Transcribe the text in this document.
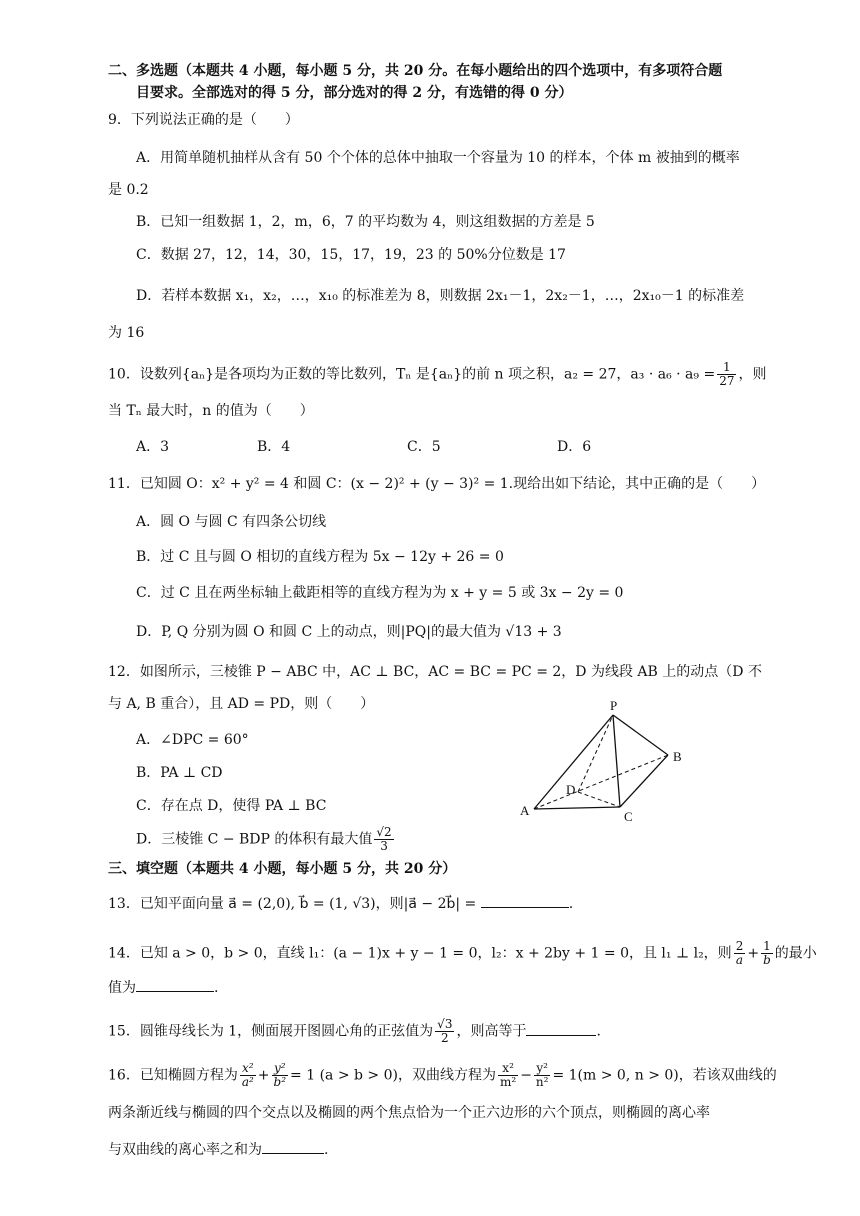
二、多选题（本题共 4 小题，每小题 5 分，共 20 分。在每小题给出的四个选项中，有多项符合题
目要求。全部选对的得 5 分，部分选对的得 2 分，有选错的得 0 分）
9．下列说法正确的是（　　）
A．用简单随机抽样从含有 50 个个体的总体中抽取一个容量为 10 的样本，个体 m 被抽到的概率
是 0.2
B．已知一组数据 1，2，m，6，7 的平均数为 4，则这组数据的方差是 5
C．数据 27，12，14，30，15，17，19，23 的 50%分位数是 17
D．若样本数据 x₁，x₂，…，x₁₀ 的标准差为 8，则数据 2x₁－1，2x₂－1，…，2x₁₀－1 的标准差
为 16
10．设数列{aₙ}是各项均为正数的等比数列，Tₙ 是{aₙ}的前 n 项之积，a₂ = 27，$a_3 \cdot a_6 \cdot a_9 = \frac{1}{27}$ ，则
当 Tₙ 最大时，n 的值为（　　）
A．3	B．4	C．5	D．6
11．已知圆 O：x² + y² = 4 和圆 C：(x − 2)² + (y − 3)² = 1.现给出如下结论，其中正确的是（　　）
A．圆 O 与圆 C 有四条公切线
B．过 C 且与圆 O 相切的直线方程为 5x − 12y + 26 = 0
C．过 C 且在两坐标轴上截距相等的直线方程为为 x + y = 5 或 3x − 2y = 0
D．P, Q 分别为圆 O 和圆 C 上的动点，则|PQ|的最大值为 √13 + 3
12．如图所示，三棱锥 P − ABC 中，AC ⊥ BC，AC = BC = PC = 2，D 为线段 AB 上的动点（D 不
与 A, B 重合），且 AD = PD，则（　　）
A．∠DPC = 60°
B．PA ⊥ CD
C．存在点 D，使得 PA ⊥ BC
D．三棱锥 C − BDP 的体积有最大值 $\frac{√2}{3}$
P
A
B
C
D
三、填空题（本题共 4 小题，每小题 5 分，共 20 分）
13．已知平面向量 a⃗ = (2,0), b⃗ = (1, √3)，则|a⃗ − 2b⃗| =	.
14．已知 a > 0，b > 0，直线 l₁：(a − 1)x + y − 1 = 0，l₂：x + 2by + 1 = 0，且 l₁ ⊥ l₂，则 $\frac{2}{a} + \frac{1}{b}$ 的最小
值为	.
15．圆锥母线长为 1，侧面展开图圆心角的正弦值为 $\frac{√3}{2}$ ，则高等于	.
16．已知椭圆方程为 $\frac{\text{x²}}{\text{a²}} + \frac{\text{y²}}{\text{b²}} = 1$ (a > b > 0)，双曲线方程为 $\frac{\text{x²}}{\text{m²}} - \frac{\text{y²}}{\text{n²}} = 1(m > 0$, n > 0)，若该双曲线的
两条渐近线与椭圆的四个交点以及椭圆的两个焦点恰为一个正六边形的六个顶点，则椭圆的离心率
与双曲线的离心率之和为	.
